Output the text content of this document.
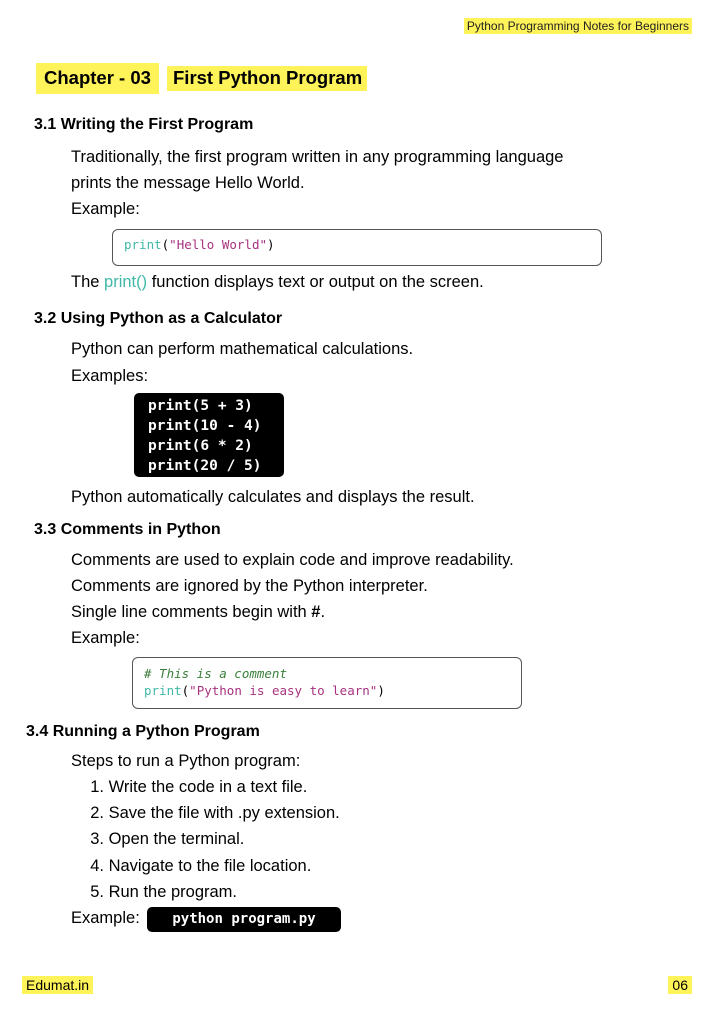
Python Programming Notes for Beginners
Chapter - 03	First Python Program
3.1 Writing the First Program
Traditionally, the first program written in any programming language
prints the message Hello World.
Example:
print("Hello World")
The print() function displays text or output on the screen.
3.2 Using Python as a Calculator
Python can perform mathematical calculations.
Examples:
print(5 + 3)
print(10 - 4)
print(6 * 2)
print(20 / 5)
Python automatically calculates and displays the result.
3.3 Comments in Python
Comments are used to explain code and improve readability.
Comments are ignored by the Python interpreter.
Single line comments begin with #.
Example:
# This is a comment
print("Python is easy to learn")
3.4 Running a Python Program
Steps to run a Python program:
1. Write the code in a text file.
2. Save the file with .py extension.
3. Open the terminal.
4. Navigate to the file location.
5. Run the program.
Example:	python program.py
Edumat.in	06
